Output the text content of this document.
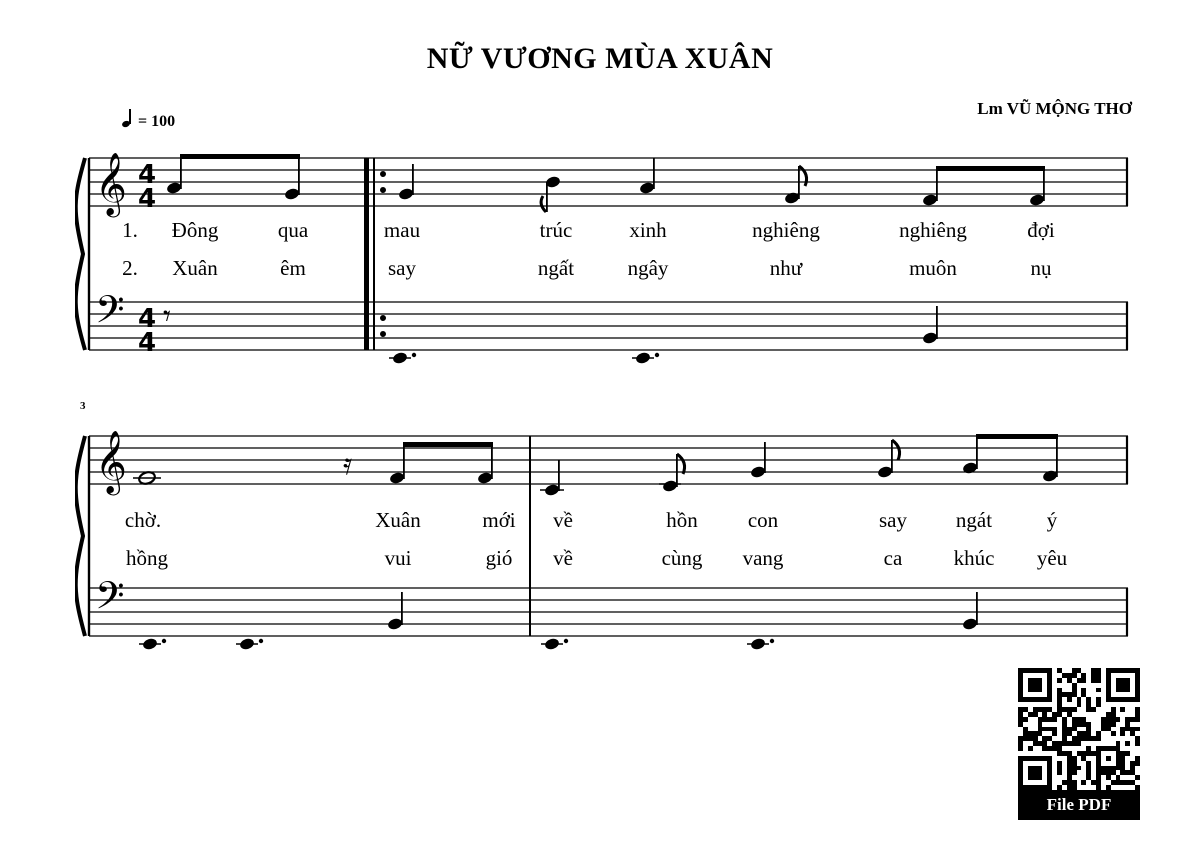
NỮ VƯƠNG MÙA XUÂN
Lm VŨ MỘNG THƠ
= 100
𝄞
𝄢
4
4
4
4
𝄾
1. Đông	qua	mau	trúc	xinh	nghiêng	nghiêng	đợi
2. Xuân	êm	say	ngất	ngây	như	muôn	nụ
3
𝄞
𝄢
𝄿
chờ.	Xuân	mới về	hồn con	say ngát	ý
hồng	vui	gió về	cùng vang	ca khúc yêu
File PDF
